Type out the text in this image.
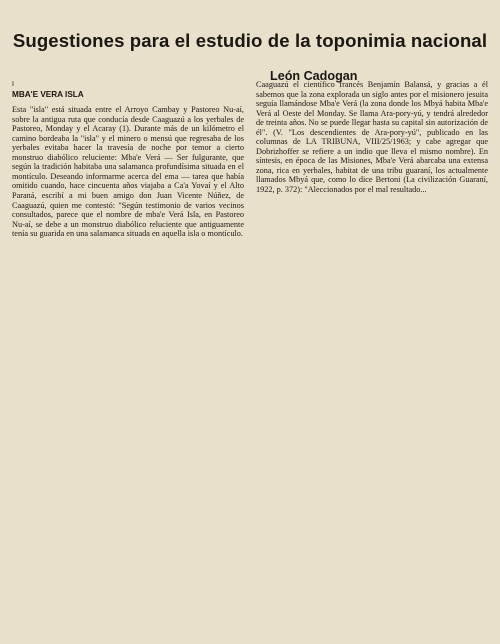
Sugestiones para el estudio de la toponimia nacional
León Cadogan
I
MBA'E VERA ISLA

Esta "isla" está situada entre el Arroyo Cambay y Pastoreo Nu-aí, sobre la antigua ruta que conducía desde Caaguazú a los yerbales de Pastoreo, Monday y el Acaray (1). Durante más de un kilómetro el camino bordeaba la "isla" y el minero o mensú que regresaba de los yerbales evitaba hacer la travesía de noche por temor a cierto monstruo diabólico reluciente: Mba'e Verá — Ser fulgurante, que según la tradición habitaba una salamanca profundísima situada en el montículo. Deseando informarme acerca del ema — tarea que había omitido cuando, hace cincuenta años viajaba a Ca'a Yovaí y el Alto Paraná, escribí a mi buen amigo don Juan Vicente Núñez, de Caaguazú, quien me contestó: "Según testimonio de varios vecinos consultados, parece que el nombre de mba'e Verá Isla, en Pastoreo Nu-aí, se debe a un monstruo diabólico reluciente que antiguamente tenía su guarida en una salamanca situada en aquella isla o montículo.

Caaguazú el científico francés Benjamín Balansá, y gracias a él sabemos que la zona explorada un siglo antes por el misionero jesuita seguía llamándose Mba'e Verá (la zona donde los Mbyá habita Mba'e Verá al Oeste del Monday. Se llama Ara-pory-yú, y tendrá alrededor de treinta años. No se puede llegar hasta su capital sin autorización de él". (V. "Los descendientes de Ara-pory-yú", publicado en las columnas de LA TRIBUNA, VIII/25/1963; y cabe agregar que Dobrizhoffer se refiere a un indio que lleva el mismo nombre). En síntesis, en época de las Misiones, Mba'e Verá abarcaba una extensa zona, rica en yerbales, habitat de una tribu guaraní, los actualmente llamados Mbyá que, como lo dice Bertoni (La civilización Guaraní, 1922, p. 372): "Aleccionados por el mal resultado...
